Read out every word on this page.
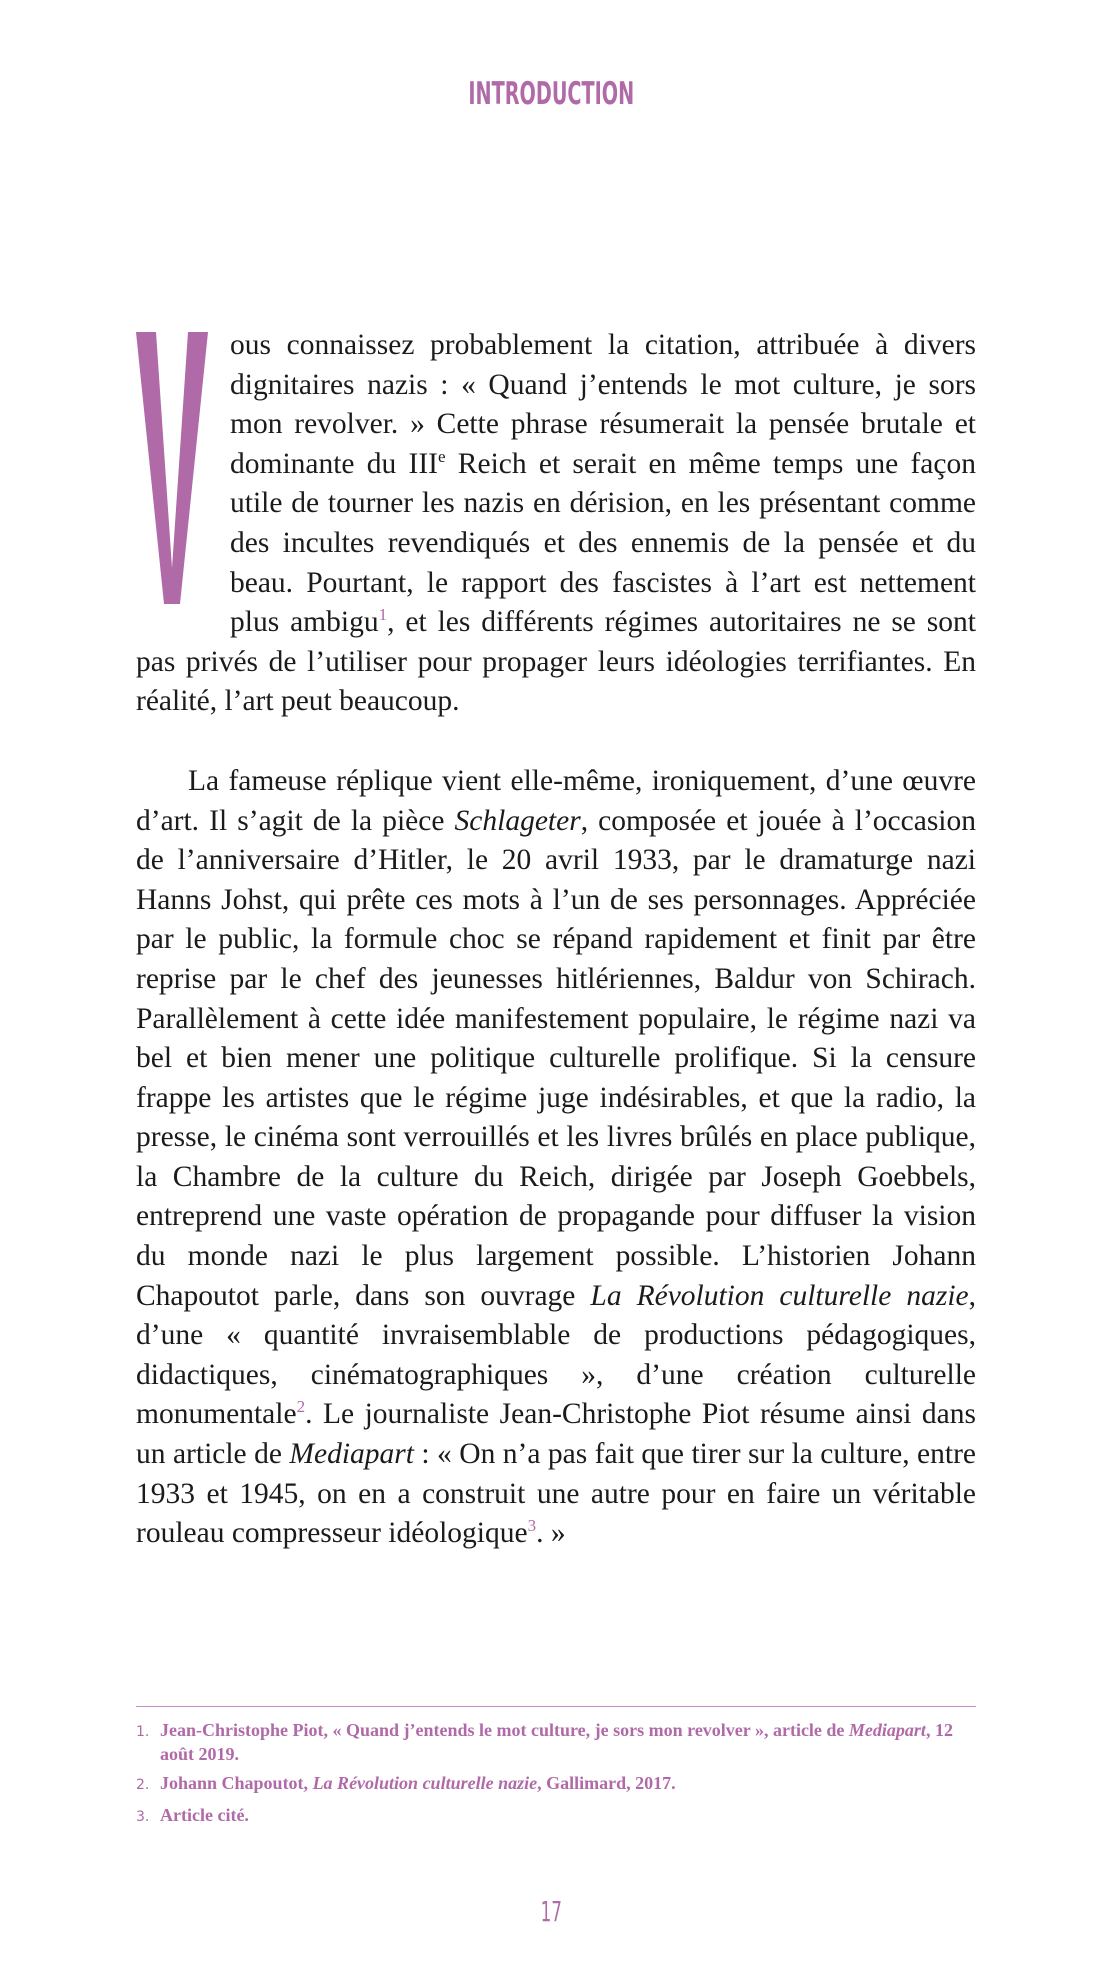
INTRODUCTION

ous connaissez probablement la citation, attribuée à divers dignitaires nazis : « Quand j’entends le mot culture, je sors mon revolver. » Cette phrase résumerait la pensée brutale et dominante du IIIe Reich et serait en même temps une façon utile de tourner les nazis en dérision, en les présentant comme des incultes revendiqués et des ennemis de la pensée et du beau. Pourtant, le rapport des fascistes à l’art est nettement plus ambigu$^1$, et les différents régimes autoritaires ne se sont pas privés de l’utiliser pour propager leurs idéologies terrifiantes. En réalité, l’art peut beaucoup.

La fameuse réplique vient elle-même, ironiquement, d’une œuvre d’art. Il s’agit de la pièce Schlageter, composée et jouée à l’occasion de l’anniversaire d’Hitler, le 20 avril 1933, par le dramaturge nazi Hanns Johst, qui prête ces mots à l’un de ses personnages. Appréciée par le public, la formule choc se répand rapidement et finit par être reprise par le chef des jeunesses hitlériennes, Baldur von Schirach. Parallèlement à cette idée manifestement populaire, le régime nazi va bel et bien mener une politique culturelle prolifique. Si la censure frappe les artistes que le régime juge indésirables, et que la radio, la presse, le cinéma sont verrouillés et les livres brûlés en place publique, la Chambre de la culture du Reich, dirigée par Joseph Goebbels, entreprend une vaste opération de propagande pour diffuser la vision du monde nazi le plus largement possible. L’historien Johann Chapoutot parle, dans son ouvrage La Révolution culturelle nazie, d’une « quantité invraisemblable de productions pédagogiques, didactiques, cinématographiques », d’une création culturelle monumentale$^2$. Le journaliste Jean-Christophe Piot résume ainsi dans un article de Mediapart : « On n’a pas fait que tirer sur la culture, entre 1933 et 1945, on en a construit une autre pour en faire un véritable rouleau compresseur idéologique$^3$. »

1. Jean-Christophe Piot, « Quand j’entends le mot culture, je sors mon revolver », article de Mediapart, 12 août 2019.
2. Johann Chapoutot, La Révolution culturelle nazie, Gallimard, 2017.
3. Article cité.
17
